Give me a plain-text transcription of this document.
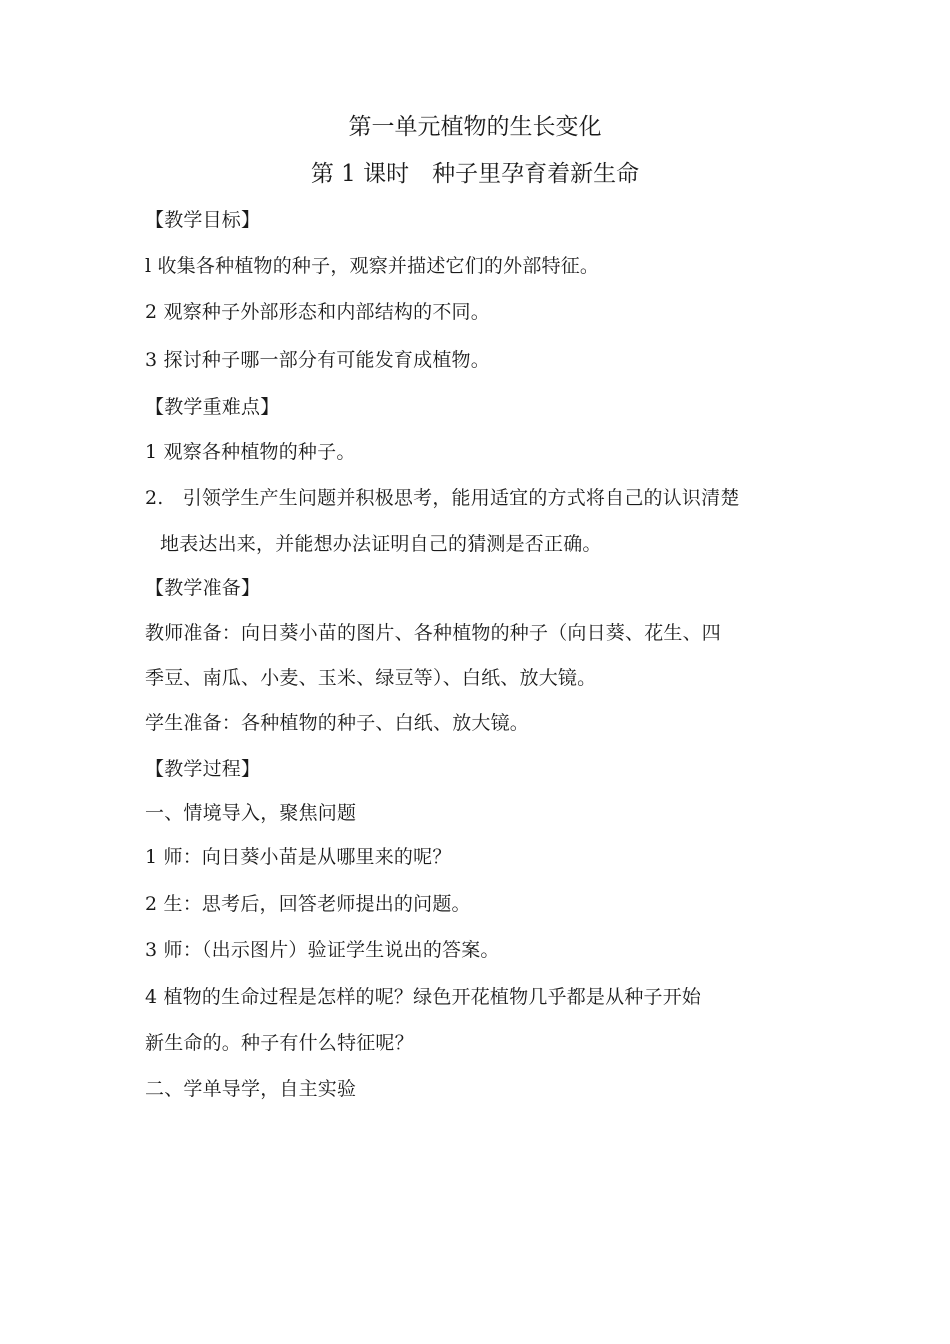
第一单元植物的生长变化
第 1 课时　种子里孕育着新生命
【教学目标】
l 收集各种植物的种子，观察并描述它们的外部特征。
2 观察种子外部形态和内部结构的不同。
3 探讨种子哪一部分有可能发育成植物。
【教学重难点】
1 观察各种植物的种子。
2.　引领学生产生问题并积极思考，能用适宜的方式将自己的认识清楚
地表达出来，并能想办法证明自己的猜测是否正确。
【教学准备】
教师准备：向日葵小苗的图片、各种植物的种子（向日葵、花生、四
季豆、南瓜、小麦、玉米、绿豆等）、白纸、放大镜。
学生准备：各种植物的种子、白纸、放大镜。
【教学过程】
一、情境导入，聚焦问题
1 师：向日葵小苗是从哪里来的呢？
2 生：思考后，回答老师提出的问题。
3 师：（出示图片）验证学生说出的答案。
4 植物的生命过程是怎样的呢？绿色开花植物几乎都是从种子开始
新生命的。种子有什么特征呢？
二、学单导学，自主实验
